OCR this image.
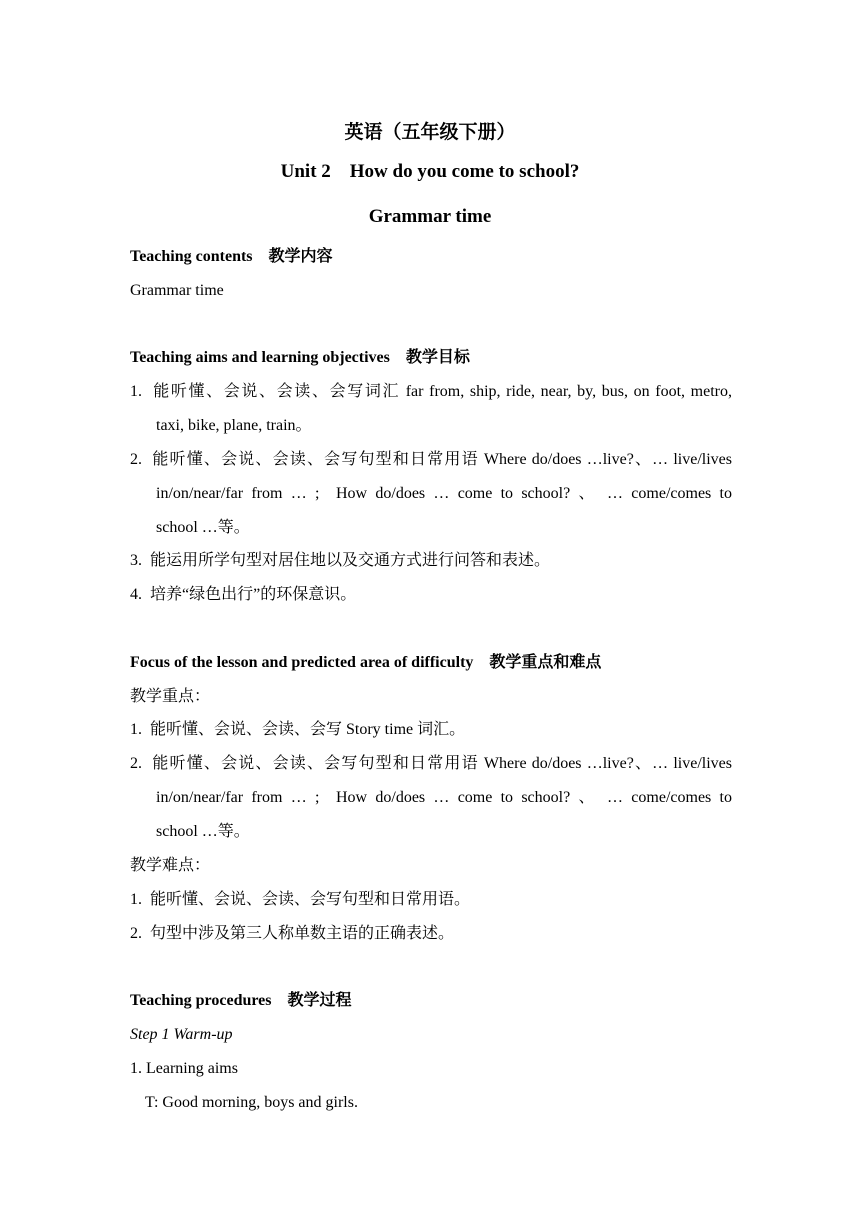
英语（五年级下册）
Unit 2    How do you come to school?
Grammar time
Teaching contents    教学内容
Grammar time
Teaching aims and learning objectives    教学目标
1.  能听懂、会说、会读、会写词汇 far from, ship, ride, near, by, bus, on foot, metro,
taxi, bike, plane, train。
2.  能听懂、会说、会读、会写句型和日常用语 Where do/does …live?、… live/lives
in/on/near/far from … ;  How do/does … come to school? 、 … come/comes to
school …等。
3.  能运用所学句型对居住地以及交通方式进行问答和表述。
4.  培养“绿色出行”的环保意识。
Focus of the lesson and predicted area of difficulty    教学重点和难点
教学重点：
1.  能听懂、会说、会读、会写 Story time 词汇。
2.  能听懂、会说、会读、会写句型和日常用语 Where do/does …live?、… live/lives
in/on/near/far from … ;  How do/does … come to school? 、 … come/comes to
school …等。
教学难点：
1.  能听懂、会说、会读、会写句型和日常用语。
2.  句型中涉及第三人称单数主语的正确表述。
Teaching procedures    教学过程
Step 1 Warm-up
1. Learning aims
T: Good morning, boys and girls.
